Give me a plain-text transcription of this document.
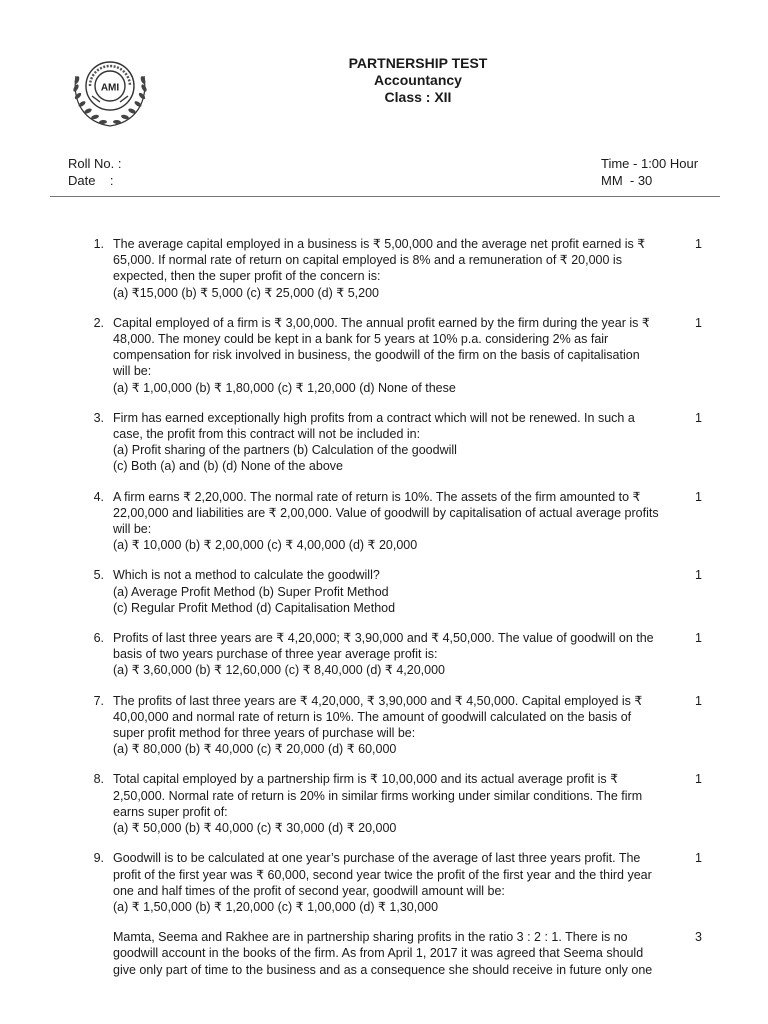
AMI
PARTNERSHIP TEST
Accountancy
Class : XII
Roll No. :
Date    :
Time - 1:00 Hour
MM  - 30
1. The average capital employed in a business is ₹ 5,00,000 and the average net profit earned is ₹
65,000. If normal rate of return on capital employed is 8% and a remuneration of ₹ 20,000 is
expected, then the super profit of the concern is:
(a) ₹15,000 (b) ₹ 5,000 (c) ₹ 25,000 (d) ₹ 5,200
1
2. Capital employed of a firm is ₹ 3,00,000. The annual profit earned by the firm during the year is ₹
48,000. The money could be kept in a bank for 5 years at 10% p.a. considering 2% as fair
compensation for risk involved in business, the goodwill of the firm on the basis of capitalisation
will be:
(a) ₹ 1,00,000 (b) ₹ 1,80,000 (c) ₹ 1,20,000 (d) None of these
1
3. Firm has earned exceptionally high profits from a contract which will not be renewed. In such a
case, the profit from this contract will not be included in:
(a) Profit sharing of the partners (b) Calculation of the goodwill
(c) Both (a) and (b) (d) None of the above
1
4. A firm earns ₹ 2,20,000. The normal rate of return is 10%. The assets of the firm amounted to ₹
22,00,000 and liabilities are ₹ 2,00,000. Value of goodwill by capitalisation of actual average profits
will be:
(a) ₹ 10,000 (b) ₹ 2,00,000 (c) ₹ 4,00,000 (d) ₹ 20,000
1
5. Which is not a method to calculate the goodwill?
(a) Average Profit Method (b) Super Profit Method
(c) Regular Profit Method (d) Capitalisation Method
1
6. Profits of last three years are ₹ 4,20,000; ₹ 3,90,000 and ₹ 4,50,000. The value of goodwill on the
basis of two years purchase of three year average profit is:
(a) ₹ 3,60,000 (b) ₹ 12,60,000 (c) ₹ 8,40,000 (d) ₹ 4,20,000
1
7. The profits of last three years are ₹ 4,20,000, ₹ 3,90,000 and ₹ 4,50,000. Capital employed is ₹
40,00,000 and normal rate of return is 10%. The amount of goodwill calculated on the basis of
super profit method for three years of purchase will be:
(a) ₹ 80,000 (b) ₹ 40,000 (c) ₹ 20,000 (d) ₹ 60,000
1
8. Total capital employed by a partnership firm is ₹ 10,00,000 and its actual average profit is ₹
2,50,000. Normal rate of return is 20% in similar firms working under similar conditions. The firm
earns super profit of:
(a) ₹ 50,000 (b) ₹ 40,000 (c) ₹ 30,000 (d) ₹ 20,000
1
9. Goodwill is to be calculated at one year’s purchase of the average of last three years profit. The
profit of the first year was ₹ 60,000, second year twice the profit of the first year and the third year
one and half times of the profit of second year, goodwill amount will be:
(a) ₹ 1,50,000 (b) ₹ 1,20,000 (c) ₹ 1,00,000 (d) ₹ 1,30,000
1
Mamta, Seema and Rakhee are in partnership sharing profits in the ratio 3 : 2 : 1. There is no
goodwill account in the books of the firm. As from April 1, 2017 it was agreed that Seema should
give only part of time to the business and as a consequence she should receive in future only one
3
